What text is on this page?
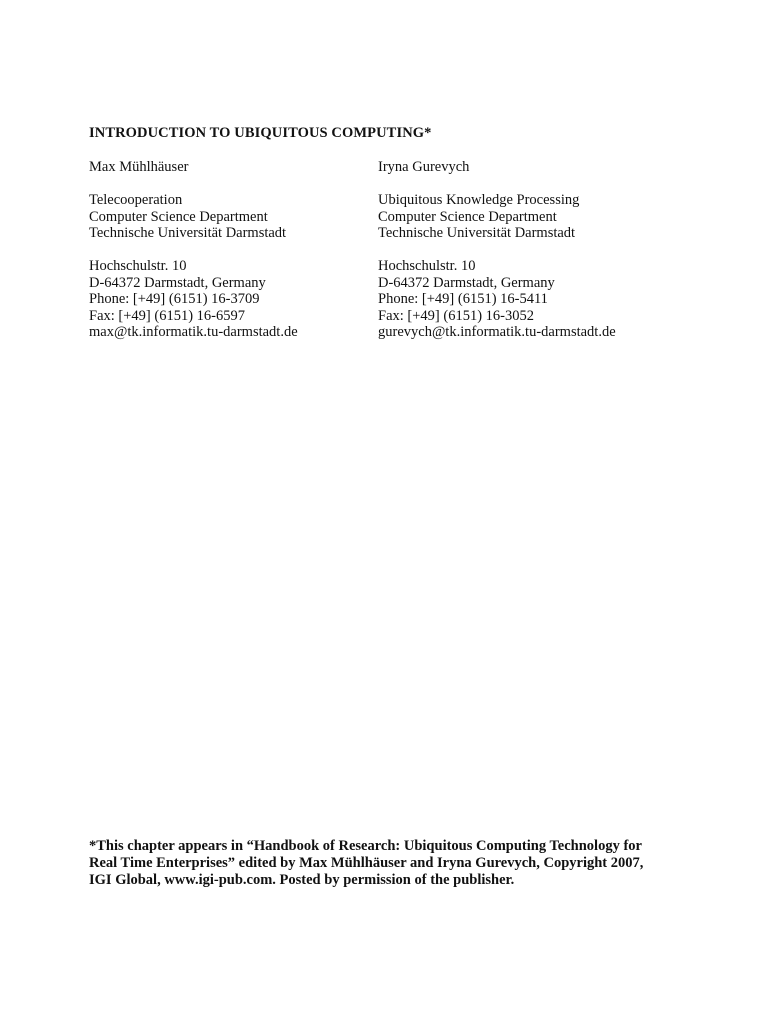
INTRODUCTION TO UBIQUITOUS COMPUTING*
Max Mühlhäuser
Telecooperation
Computer Science Department
Technische Universität Darmstadt
Hochschulstr. 10
D-64372 Darmstadt, Germany
Phone: [+49] (6151) 16-3709
Fax: [+49] (6151) 16-6597
max@tk.informatik.tu-darmstadt.de
Iryna Gurevych
Ubiquitous Knowledge Processing
Computer Science Department
Technische Universität Darmstadt
Hochschulstr. 10
D-64372 Darmstadt, Germany
Phone: [+49] (6151) 16-5411
Fax: [+49] (6151) 16-3052
gurevych@tk.informatik.tu-darmstadt.de
*This chapter appears in “Handbook of Research: Ubiquitous Computing Technology for
Real Time Enterprises” edited by Max Mühlhäuser and Iryna Gurevych, Copyright 2007,
IGI Global, www.igi-pub.com. Posted by permission of the publisher.
